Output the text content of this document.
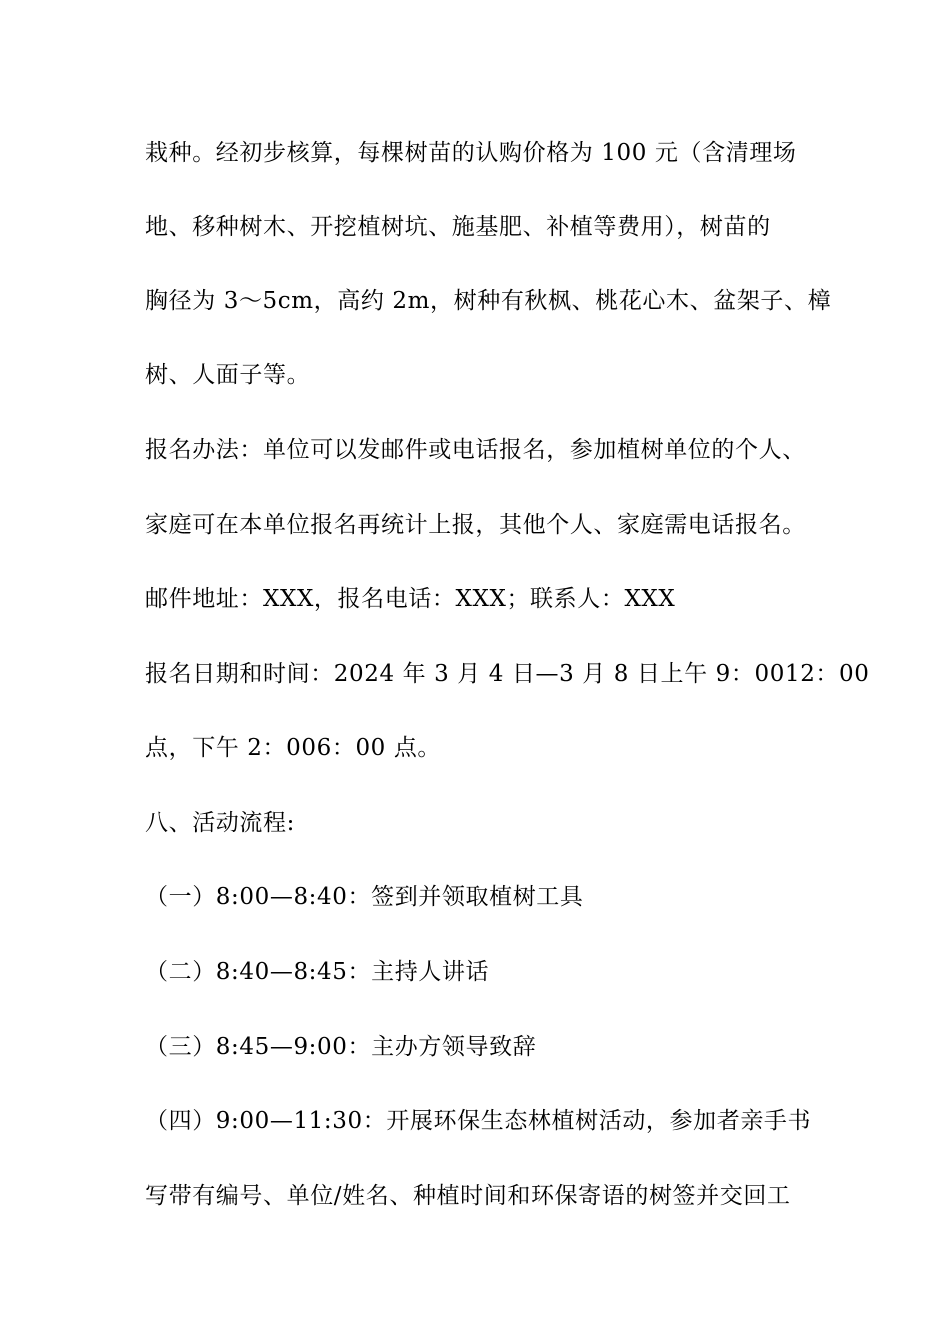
栽种。经初步核算，每棵树苗的认购价格为 100 元（含清理场
地、移种树木、开挖植树坑、施基肥、补植等费用），树苗的
胸径为 3～5cm，高约 2m，树种有秋枫、桃花心木、盆架子、樟
树、人面子等。
报名办法：单位可以发邮件或电话报名，参加植树单位的个人、
家庭可在本单位报名再统计上报，其他个人、家庭需电话报名。
邮件地址：XXX，报名电话：XXX；联系人：XXX
报名日期和时间：2024 年 3 月 4 日—3 月 8 日上午 9：0012：00
点，下午 2：006：00 点。
八、活动流程:
（一）8:00—8:40：签到并领取植树工具
（二）8:40—8:45：主持人讲话
（三）8:45—9:00：主办方领导致辞
（四）9:00—11:30：开展环保生态林植树活动，参加者亲手书
写带有编号、单位/姓名、种植时间和环保寄语的树签并交回工
